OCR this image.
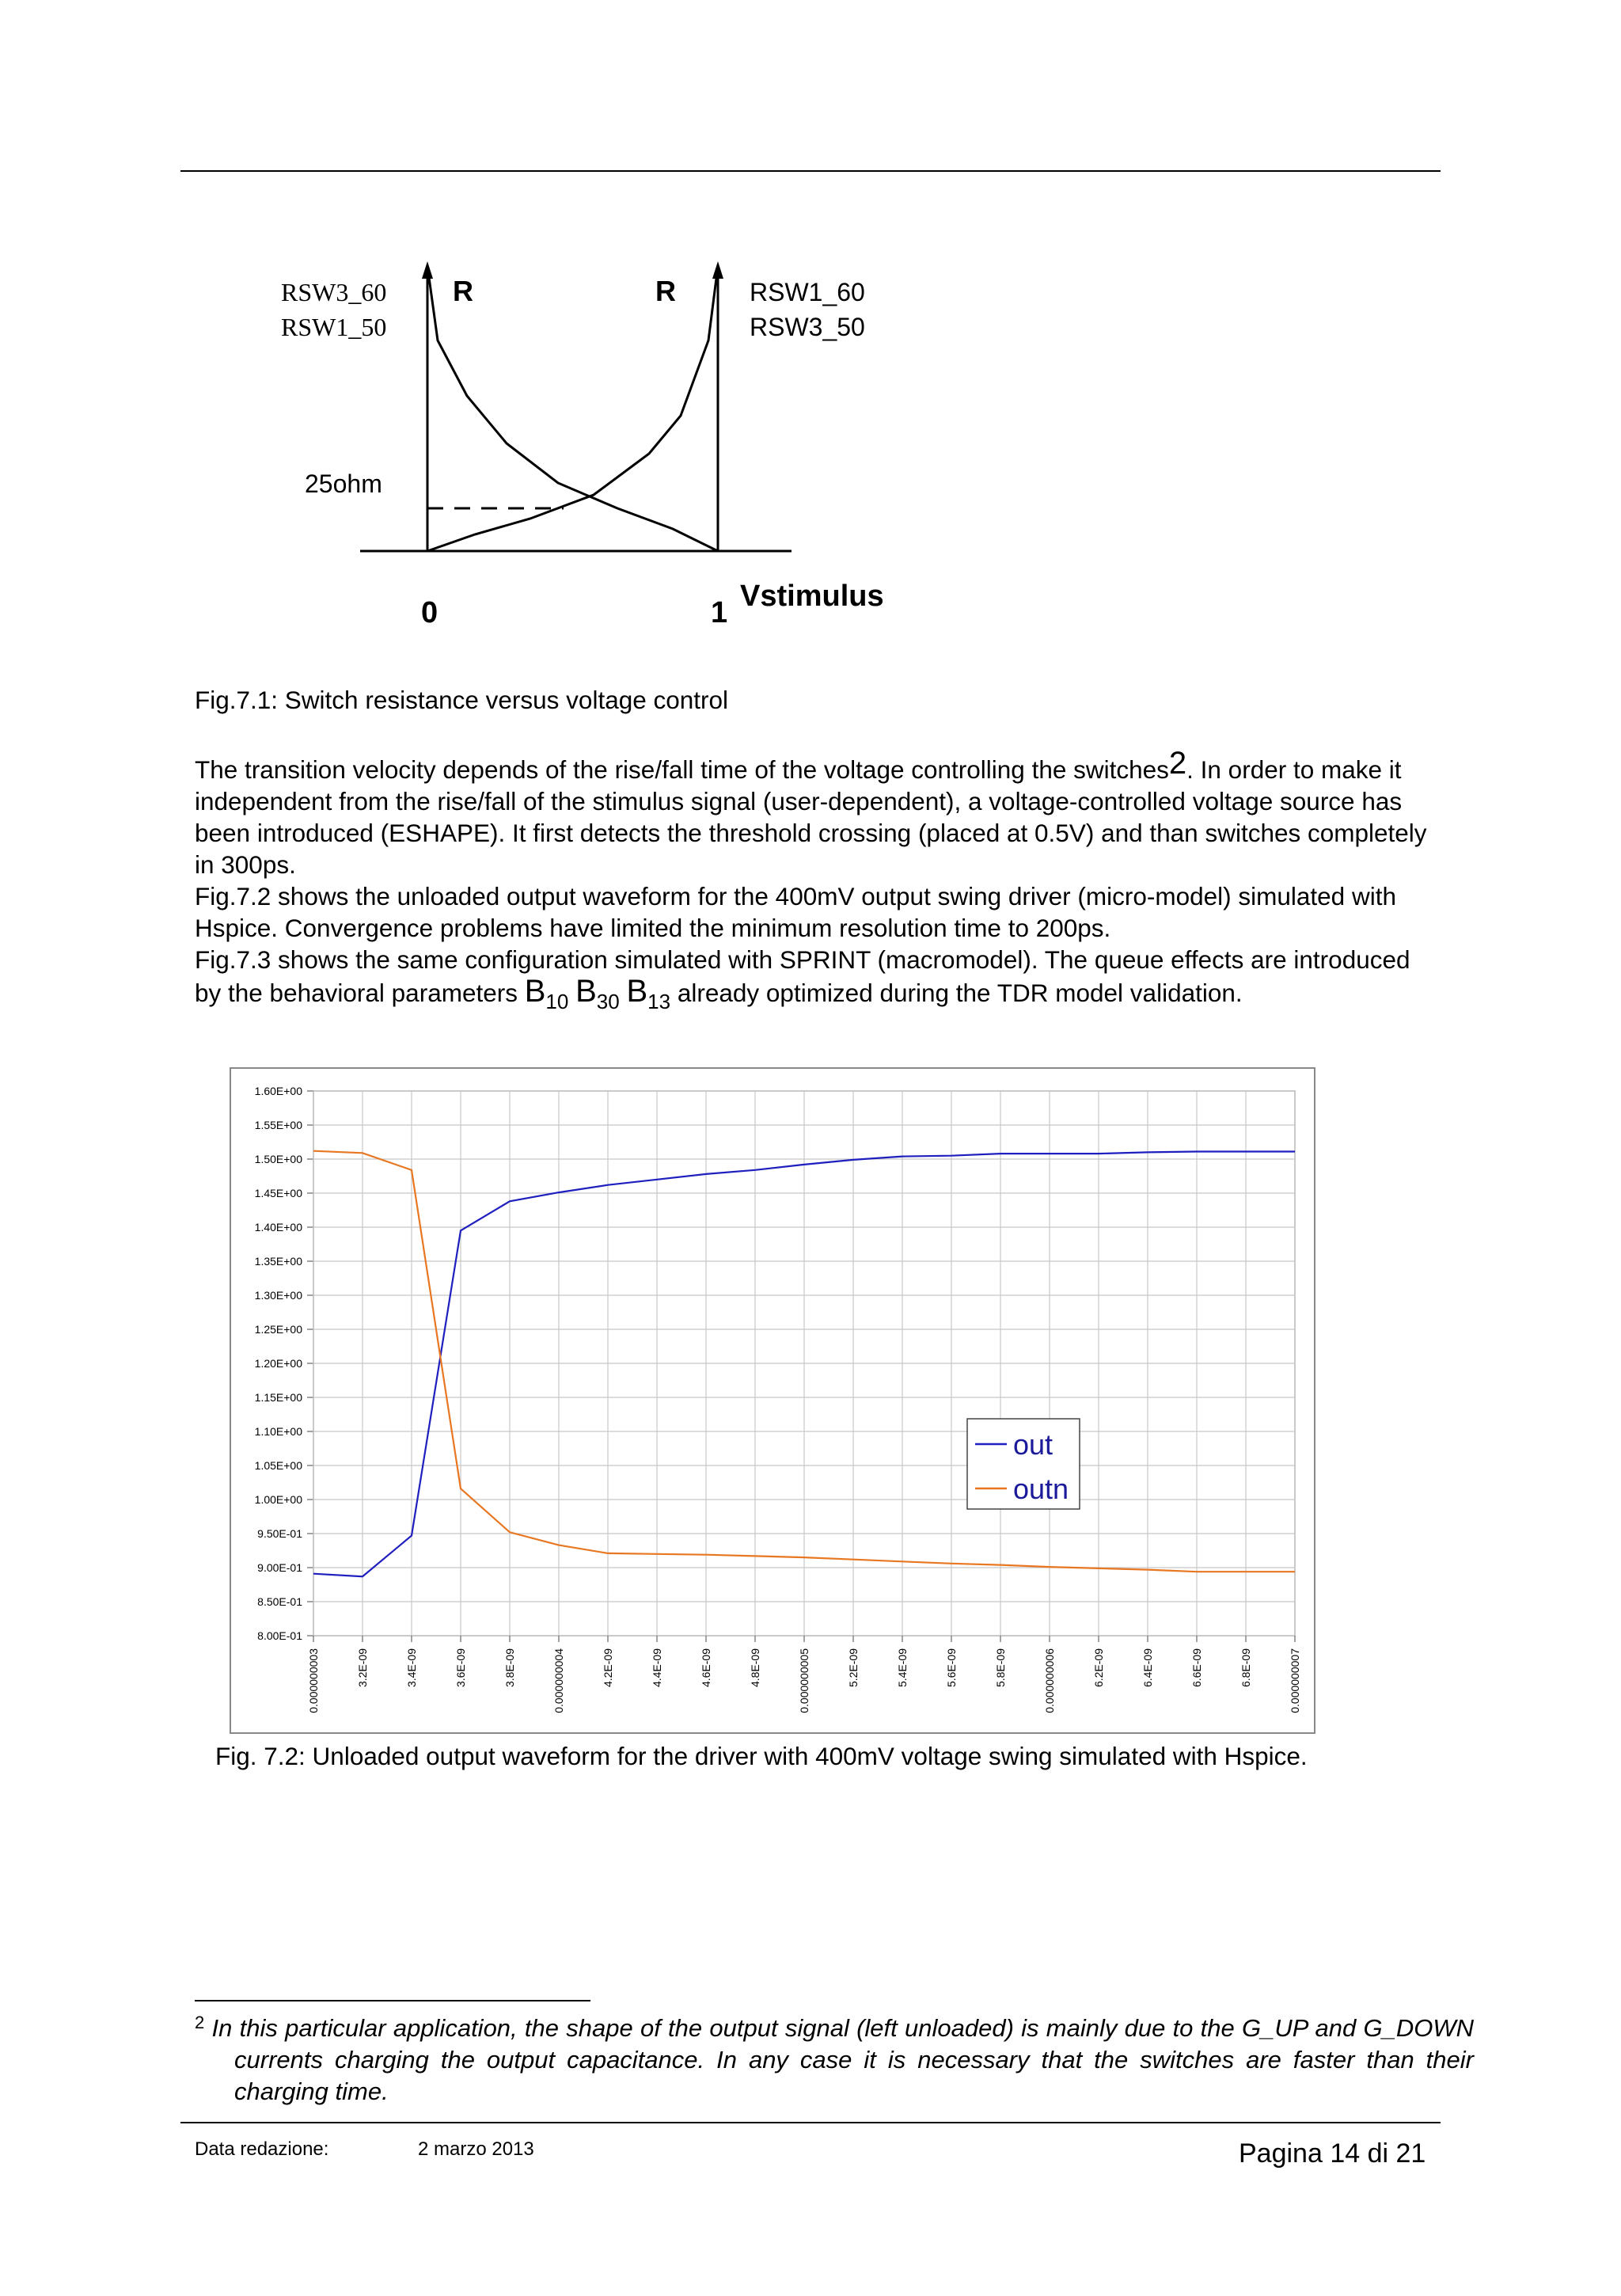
RSW3_60
RSW1_50
R	R	RSW1_60
RSW3_50
25ohm
0	1 Vstimulus
Fig.7.1: Switch resistance versus voltage control
The transition velocity depends of the rise/fall time of the voltage controlling the switches$^2$. In order to make it independent from the rise/fall of the stimulus signal (user-dependent), a voltage-controlled voltage source has been introduced (ESHAPE). It first detects the threshold crossing (placed at 0.5V) and than switches completely in 300ps.
Fig.7.2 shows the unloaded output waveform for the 400mV output swing driver (micro-model) simulated with Hspice. Convergence problems have limited the minimum resolution time to 200ps.
Fig.7.3 shows the same configuration simulated with SPRINT (macromodel). The queue effects are introduced by the behavioral parameters $B_{10}$ $B_{30}$ $B_{13}$ already optimized during the TDR model validation.
1.60E+00
1.55E+00
1.50E+00
1.45E+00
1.40E+00
1.35E+00
1.30E+00
1.25E+00
1.20E+00
1.15E+00
1.10E+00
1.05E+00
1.00E+00
9.50E-01
9.00E-01
8.50E-01
8.00E-01
0.000000003	3.2E-09	3.4E-09	3.6E-09	3.8E-09	0.000000004	4.2E-09	4.4E-09	4.6E-09	4.8E-09	0.000000005	5.2E-09	5.4E-09	5.6E-09	5.8E-09	0.000000006	6.2E-09	6.4E-09	6.6E-09	6.8E-09	0.000000007
out
outn
Fig. 7.2: Unloaded output waveform for the driver with 400mV voltage swing simulated with Hspice.
$^2$ In this particular application, the shape of the output signal (left unloaded) is mainly due to the G_UP and G_DOWN currents charging the output capacitance. In any case it is necessary that the switches are faster than their charging time.
Data redazione:	2 marzo 2013	Pagina 14 di 21
